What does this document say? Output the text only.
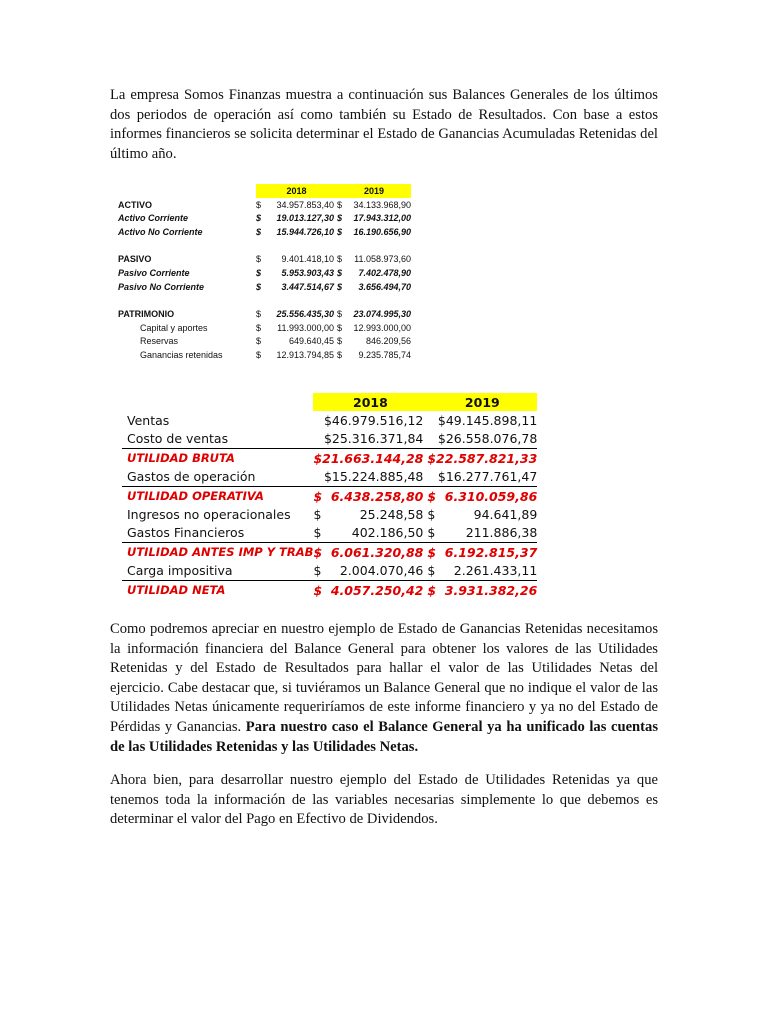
La empresa Somos Finanzas muestra a continuación sus Balances Generales de los últimos dos periodos de operación así como también su Estado de Resultados. Con base a estos informes financieros se solicita determinar el Estado de Ganancias Acumuladas Retenidas del último año.

	2018		2019	
ACTIVO	$	34.957.853,40	$	34.133.968,90
Activo Corriente	$	19.013.127,30	$	17.943.312,00
Activo No Corriente	$	15.944.726,10	$	16.190.656,90

PASIVO	$	9.401.418,10	$	11.058.973,60
Pasivo Corriente	$	5.953.903,43	$	7.402.478,90
Pasivo No Corriente	$	3.447.514,67	$	3.656.494,70

PATRIMONIO	$	25.556.435,30	$	23.074.995,30
Capital y aportes	$	11.993.000,00	$	12.993.000,00
Reservas	$	649.640,45	$	846.209,56
Ganancias retenidas	$	12.913.794,85	$	9.235.785,74
	2018		2019	
Ventas	$46.979.516,12		$49.145.898,11	
Costo de ventas	$25.316.371,84		$26.558.076,78	
UTILIDAD BRUTA	$21.663.144,28		$22.587.821,33	
Gastos de operación	$15.224.885,48		$16.277.761,47	
UTILIDAD OPERATIVA	$	6.438.258,80	$	6.310.059,86
Ingresos no operacionales	$	25.248,58	$	94.641,89
Gastos Financieros	$	402.186,50	$	211.886,38
UTILIDAD ANTES IMP Y TRAB	$	6.061.320,88	$	6.192.815,37
Carga impositiva	$	2.004.070,46	$	2.261.433,11
UTILIDAD NETA	$	4.057.250,42	$	3.931.382,26

Como podremos apreciar en nuestro ejemplo de Estado de Ganancias Retenidas necesitamos la información financiera del Balance General para obtener los valores de las Utilidades Retenidas y del Estado de Resultados para hallar el valor de las Utilidades Netas del ejercicio. Cabe destacar que, si tuviéramos un Balance General que no indique el valor de las Utilidades Netas únicamente requeriríamos de este informe financiero y ya no del Estado de Pérdidas y Ganancias. Para nuestro caso el Balance General ya ha unificado las cuentas de las Utilidades Retenidas y las Utilidades Netas.

Ahora bien, para desarrollar nuestro ejemplo del Estado de Utilidades Retenidas ya que tenemos toda la información de las variables necesarias simplemente lo que debemos es determinar el valor del Pago en Efectivo de Dividendos.
